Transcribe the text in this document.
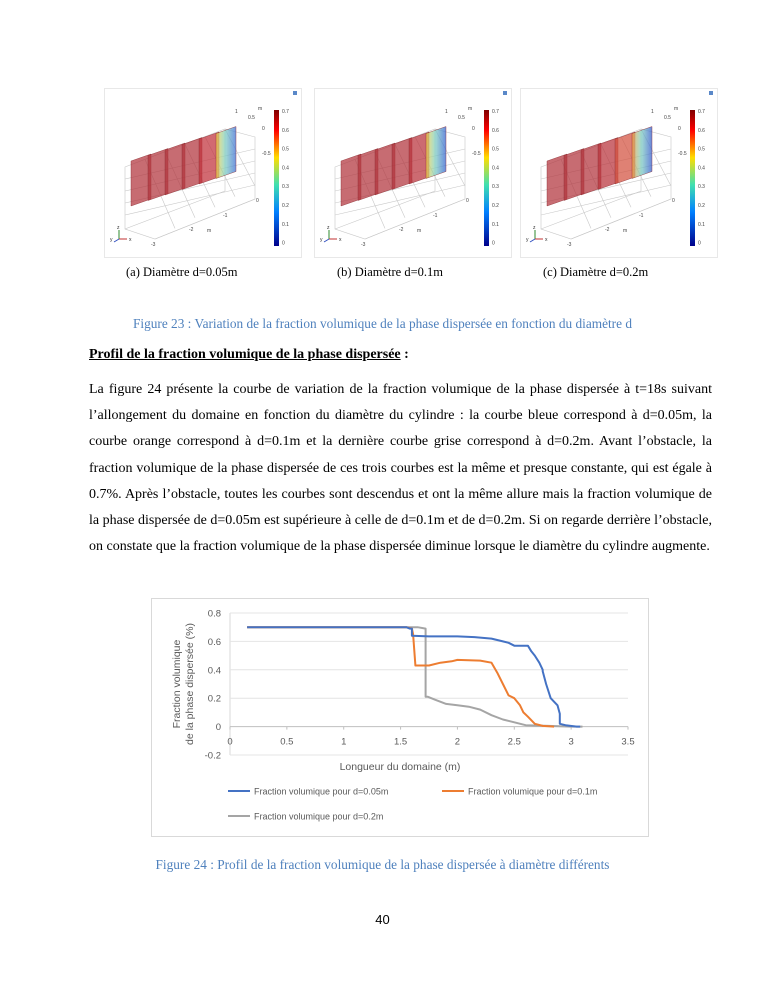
z
y	x
1
0.5
0
-0.5
0
m
-1
-2
-3
m
0.7
0.6
0.5
0.4
0.3
0.2
0.1
0
z
y	x
1
0.5
0
-0.5
0
m
-1
-2
-3
m
0.7
0.6
0.5
0.4
0.3
0.2
0.1
0
z
y	x
1
0.5
0
-0.5
0
m
-1
-2
-3
m
0.7
0.6
0.5
0.4
0.3
0.2
0.1
0
(a) Diamètre d=0.05m	(b) Diamètre d=0.1m	(c) Diamètre d=0.2m
Figure 23 : Variation de la fraction volumique de la phase dispersée en fonction du diamètre d
Profil de la fraction volumique de la phase dispersée :
La figure 24 présente la courbe de variation de la fraction volumique de la phase dispersée à t=18s suivant l’allongement du domaine en fonction du diamètre du cylindre : la courbe bleue correspond à d=0.05m, la courbe orange correspond à d=0.1m et la dernière courbe grise correspond à d=0.2m. Avant l’obstacle, la fraction volumique de la phase dispersée de ces trois courbes est la même et presque constante, qui est égale à 0.7%. Après l’obstacle, toutes les courbes sont descendus et ont la même allure mais la fraction volumique de la phase dispersée de d=0.05m est supérieure à celle de d=0.1m et de d=0.2m. Si on regarde derrière l’obstacle, on constate que la fraction volumique de la phase dispersée diminue lorsque le diamètre du cylindre augmente.
0.8
0.6
0.4
0.2
0
-0.2
0	0.5	1	1.5	2	2.5	3	3.5
Longueur du domaine (m)
Fraction volumique de la phase dispersée (%)
Fraction volumique pour d=0.05m	Fraction volumique pour d=0.1m
Fraction volumique pour d=0.2m
Figure 24 : Profil de la fraction volumique de la phase dispersée à diamètre différents
40
